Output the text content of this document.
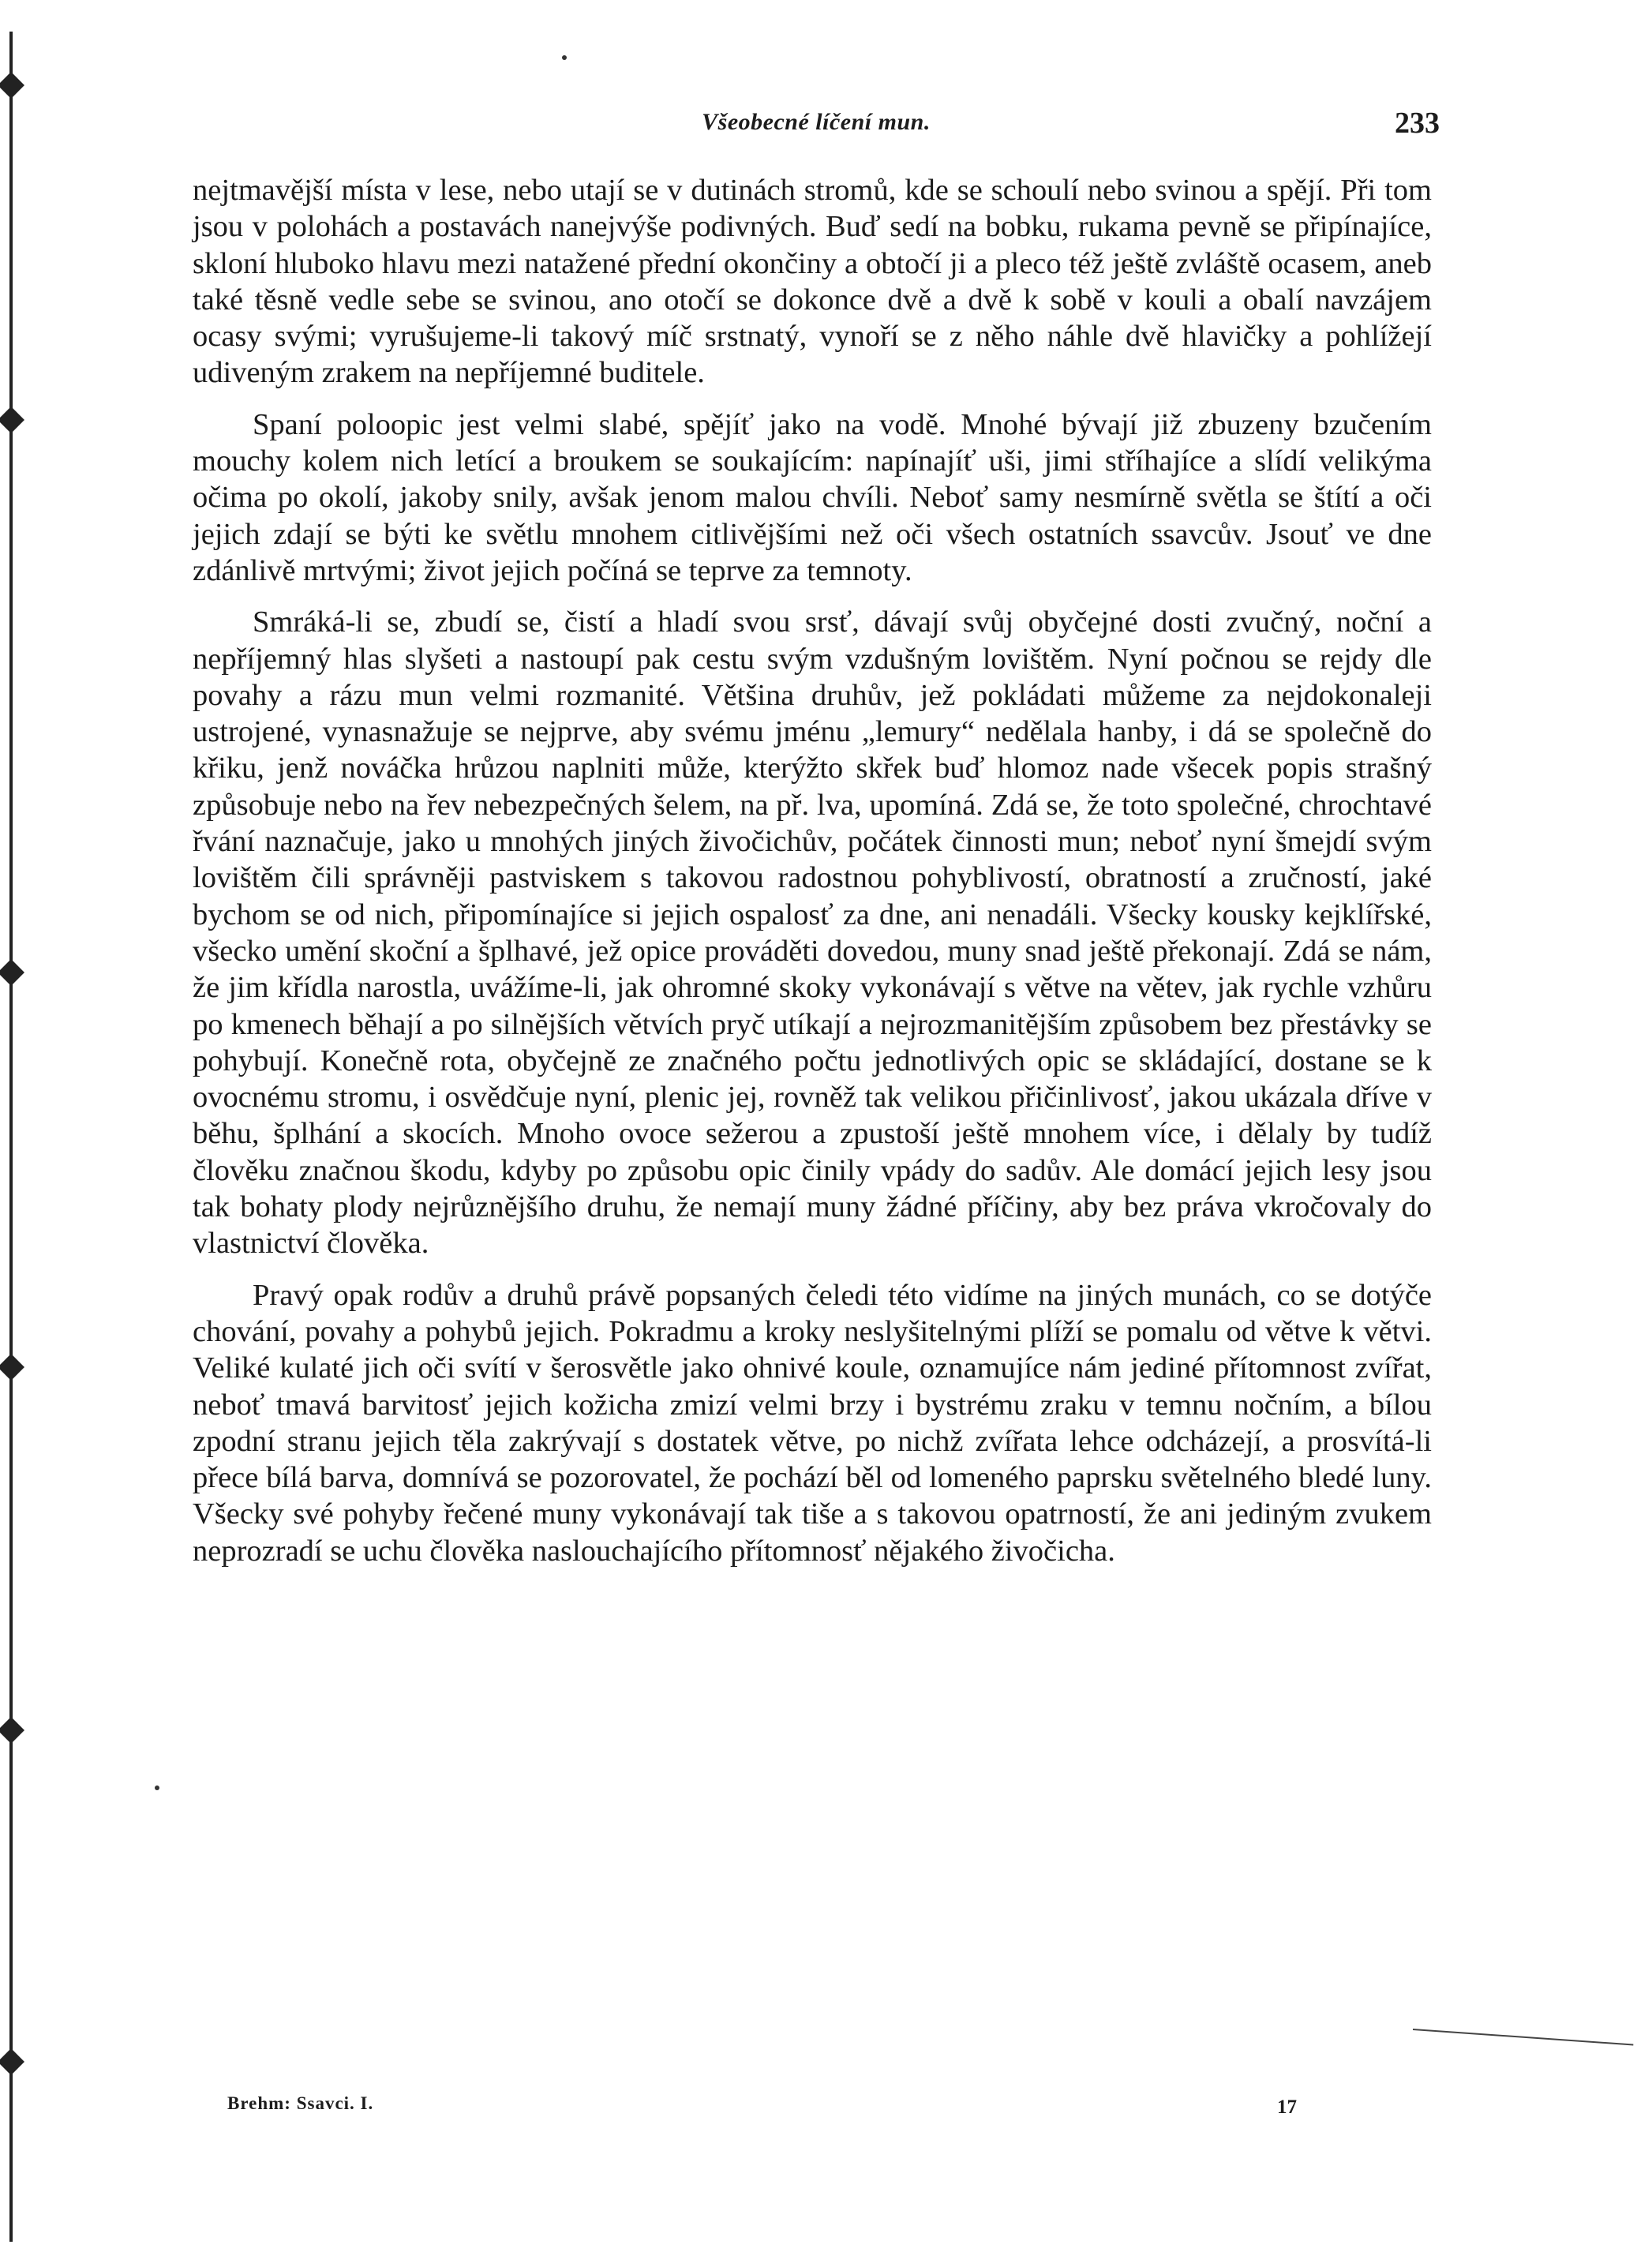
Všeobecné líčení mun.	233

nejtmavější místa v lese, nebo utají se v dutinách stromů, kde se schoulí nebo svinou a spějí. Při tom jsou v polohách a postavách nanejvýše podivných. Buď sedí na bobku, rukama pevně se připínajíce, skloní hluboko hlavu mezi natažené přední okončiny a obtočí ji a pleco též ještě zvláště ocasem, aneb také těsně vedle sebe se svinou, ano otočí se dokonce dvě a dvě k sobě v kouli a obalí navzájem ocasy svými; vyrušujeme-li takový míč srstnatý, vynoří se z něho náhle dvě hlavičky a pohlížejí udiveným zrakem na nepříjemné buditele.

Spaní poloopic jest velmi slabé, spějíť jako na vodě. Mnohé bývají již zbuzeny bzučením mouchy kolem nich letící a broukem se soukajícím: napínajíť uši, jimi stříhajíce a slídí velikýma očima po okolí, jakoby snily, avšak jenom malou chvíli. Neboť samy nesmírně světla se štítí a oči jejich zdají se býti ke světlu mnohem citlivějšími než oči všech ostatních ssavcův. Jsouť ve dne zdánlivě mrtvými; život jejich počíná se teprve za temnoty.

Smráká-li se, zbudí se, čistí a hladí svou srsť, dávají svůj obyčejné dosti zvučný, noční a nepříjemný hlas slyšeti a nastoupí pak cestu svým vzdušným lovištěm. Nyní počnou se rejdy dle povahy a rázu mun velmi rozmanité. Většina druhův, jež pokládati můžeme za nejdokonaleji ustrojené, vynasnažuje se nejprve, aby svému jménu „lemury“ nedělala hanby, i dá se společně do křiku, jenž nováčka hrůzou naplniti může, kterýžto skřek buď hlomoz nade všecek popis strašný způsobuje nebo na řev nebezpečných šelem, na př. lva, upomíná. Zdá se, že toto společné, chrochtavé řvání naznačuje, jako u mnohých jiných živočichův, počátek činnosti mun; neboť nyní šmejdí svým lovištěm čili správněji pastviskem s takovou radostnou pohyblivostí, obratností a zručností, jaké bychom se od nich, připomínajíce si jejich ospalosť za dne, ani nenadáli. Všecky kousky kejklířské, všecko umění skoční a šplhavé, jež opice prováděti dovedou, muny snad ještě překonají. Zdá se nám, že jim křídla narostla, uvážíme-li, jak ohromné skoky vykonávají s větve na větev, jak rychle vzhůru po kmenech běhají a po silnějších větvích pryč utíkají a nejrozmanitějším způsobem bez přestávky se pohybují. Konečně rota, obyčejně ze značného počtu jednotlivých opic se skládající, dostane se k ovocnému stromu, i osvědčuje nyní, plenic jej, rovněž tak velikou přičinlivosť, jakou ukázala dříve v běhu, šplhání a skocích. Mnoho ovoce sežerou a zpustoší ještě mnohem více, i dělaly by tudíž člověku značnou škodu, kdyby po způsobu opic činily vpády do sadův. Ale domácí jejich lesy jsou tak bohaty plody nejrůznějšího druhu, že nemají muny žádné příčiny, aby bez práva vkročovaly do vlastnictví člověka.

Pravý opak rodův a druhů právě popsaných čeledi této vidíme na jiných munách, co se dotýče chování, povahy a pohybů jejich. Pokradmu a kroky neslyšitelnými plíží se pomalu od větve k větvi. Veliké kulaté jich oči svítí v šerosvětle jako ohnivé koule, oznamujíce nám jediné přítomnost zvířat, neboť tmavá barvitosť jejich kožicha zmizí velmi brzy i bystrému zraku v temnu nočním, a bílou zpodní stranu jejich těla zakrývají s dostatek větve, po nichž zvířata lehce odcházejí, a prosvítá-li přece bílá barva, domnívá se pozorovatel, že pochází běl od lomeného paprsku světelného bledé luny. Všecky své pohyby řečené muny vykonávají tak tiše a s takovou opatrností, že ani jediným zvukem neprozradí se uchu člověka naslouchajícího přítomnosť nějakého živočicha.

Brehm: Ssavci. I.	17
